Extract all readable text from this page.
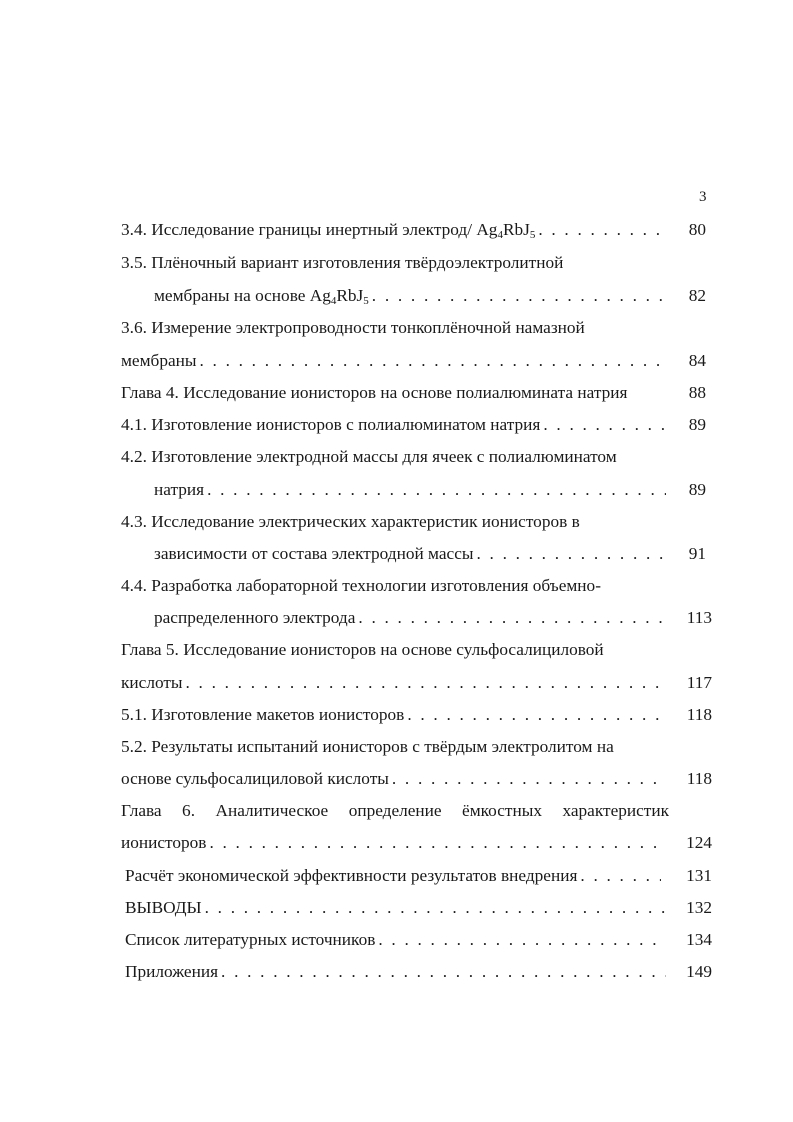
3
3.4. Исследование границы инертный электрод/ $Ag_4RbJ_5$ . . .	80
3.5. Плёночный вариант изготовления твёрдоэлектролитной
мембраны на основе $Ag_4RbJ_5$ . . .	82
3.6. Измерение электропроводности тонкоплёночной намазной
мембраны . . .	84
Глава 4. Исследование ионисторов на основе полиалюмината натрия	88
4.1. Изготовление ионисторов с полиалюминатом натрия . . .	89
4.2. Изготовление электродной массы для ячеек с полиалюминатом
натрия . . .	89
4.3. Исследование электрических характеристик ионисторов в
зависимости от состава электродной массы . . .	91
4.4. Разработка лабораторной технологии изготовления объемно-
распределенного электрода . . .	113
Глава 5. Исследование ионисторов на основе сульфосалициловой
кислоты . . .	117
5.1. Изготовление макетов ионисторов . . .	118
5.2. Результаты испытаний ионисторов с твёрдым электролитом на
основе сульфосалициловой кислоты . . .	118
Глава 6. Аналитическое определение ёмкостных характеристик
ионисторов . . .	124
Расчёт экономической эффективности результатов внедрения . . .	131
ВЫВОДЫ . . .	132
Список литературных источников . . .	134
Приложения . . .	149
